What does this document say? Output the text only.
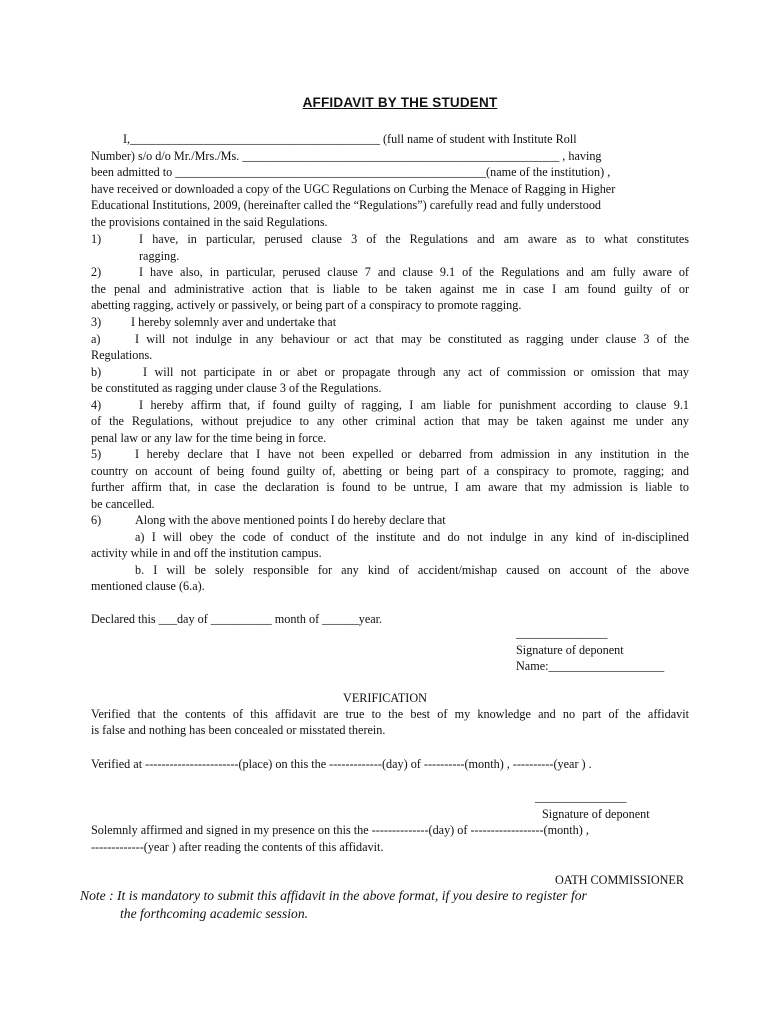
AFFIDAVIT BY THE STUDENT
I,_________________________________________ (full name of student with Institute Roll
Number) s/o d/o Mr./Mrs./Ms. ____________________________________________________ , having
been admitted to ___________________________________________________(name of the institution) ,
have received or downloaded a copy of the UGC Regulations on Curbing the Menace of Ragging in Higher
Educational Institutions, 2009, (hereinafter called the “Regulations”) carefully read and fully understood
the provisions contained in the said Regulations.
1)	I have, in particular, perused clause 3 of the Regulations and am aware as to what constitutes
ragging.
2)	I have also, in particular, perused clause 7 and clause 9.1 of the Regulations and am fully aware of
the penal and administrative action that is liable to be taken against me in case I am found guilty of or
abetting ragging, actively or passively, or being part of a conspiracy to promote ragging.
3) I hereby solemnly aver and undertake that
a)	I will not indulge in any behaviour or act that may be constituted as ragging under clause 3 of the
Regulations.
b)	I will not participate in or abet or propagate through any act of commission or omission that may
be constituted as ragging under clause 3 of the Regulations.
4)	I hereby affirm that, if found guilty of ragging, I am liable for punishment according to clause 9.1
of the Regulations, without prejudice to any other criminal action that may be taken against me under any
penal law or any law for the time being in force.
5)	I hereby declare that I have not been expelled or debarred from admission in any institution in the
country on account of being found guilty of, abetting or being part of a conspiracy to promote, ragging; and
further affirm that, in case the declaration is found to be untrue, I am aware that my admission is liable to
be cancelled.
6)	Along with the above mentioned points I do hereby declare that
a) I will obey the code of conduct of the institute and do not indulge in any kind of in-disciplined
activity while in and off the institution campus.
b. I will be solely responsible for any kind of accident/mishap caused on account of the above
mentioned clause (6.a).
Declared this ___day of __________ month of ______year.
_______________
Signature of deponent
Name:___________________
VERIFICATION
Verified that the contents of this affidavit are true to the best of my knowledge and no part of the affidavit
is false and nothing has been concealed or misstated therein.
Verified at -----------------------(place) on this the -------------(day) of ----------(month) , ----------(year ) .
_______________
Signature of deponent
Solemnly affirmed and signed in my presence on this the --------------(day) of ------------------(month) ,
-------------(year ) after reading the contents of this affidavit.
OATH COMMISSIONER
Note : It is mandatory to submit this affidavit in the above format, if you desire to register for
the forthcoming academic session.
